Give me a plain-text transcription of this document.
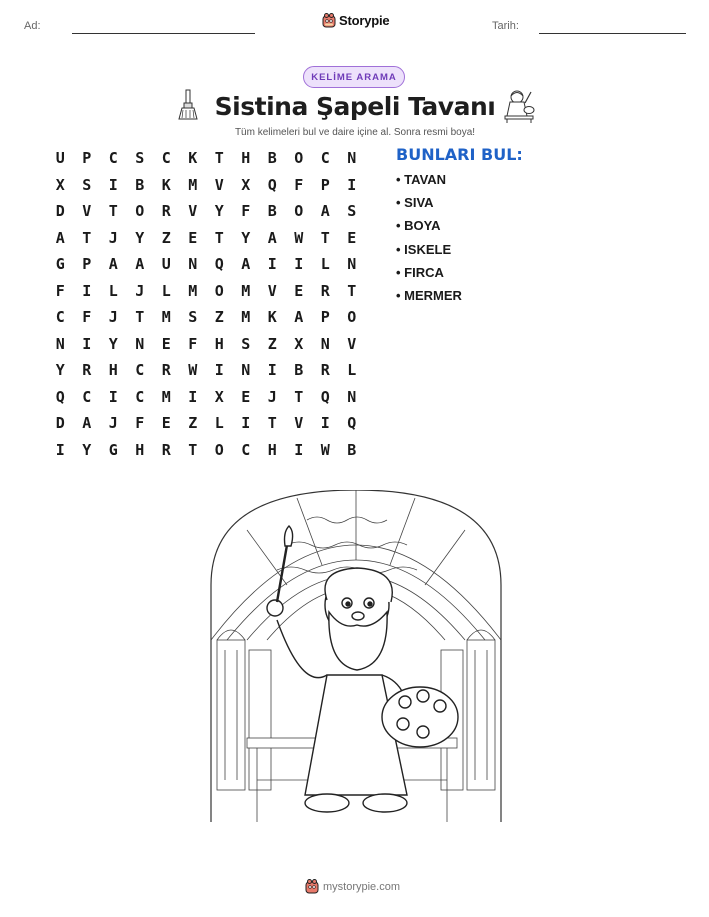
Ad:	Storypie	Tarih:
KELİME ARAMA
Sistina Şapeli Tavanı
Tüm kelimeleri bul ve daire içine al. Sonra resmi boya!
U	P	C	S	C	K	T	H	B	O	C	N
X	S	I	B	K	M	V	X	Q	F	P	I
D	V	T	O	R	V	Y	F	B	O	A	S
A	T	J	Y	Z	E	T	Y	A	W	T	E
G	P	A	A	U	N	Q	A	I	I	L	N
F	I	L	J	L	M	O	M	V	E	R	T
C	F	J	T	M	S	Z	M	K	A	P	O
N	I	Y	N	E	F	H	S	Z	X	N	V
Y	R	H	C	R	W	I	N	I	B	R	L
Q	C	I	C	M	I	X	E	J	T	Q	N
D	A	J	F	E	Z	L	I	T	V	I	Q
I	Y	G	H	R	T	O	C	H	I	W	B
BUNLARI BUL:
• TAVAN
• SIVA
• BOYA
• ISKELE
• FIRCA
• MERMER
mystorypie.com
